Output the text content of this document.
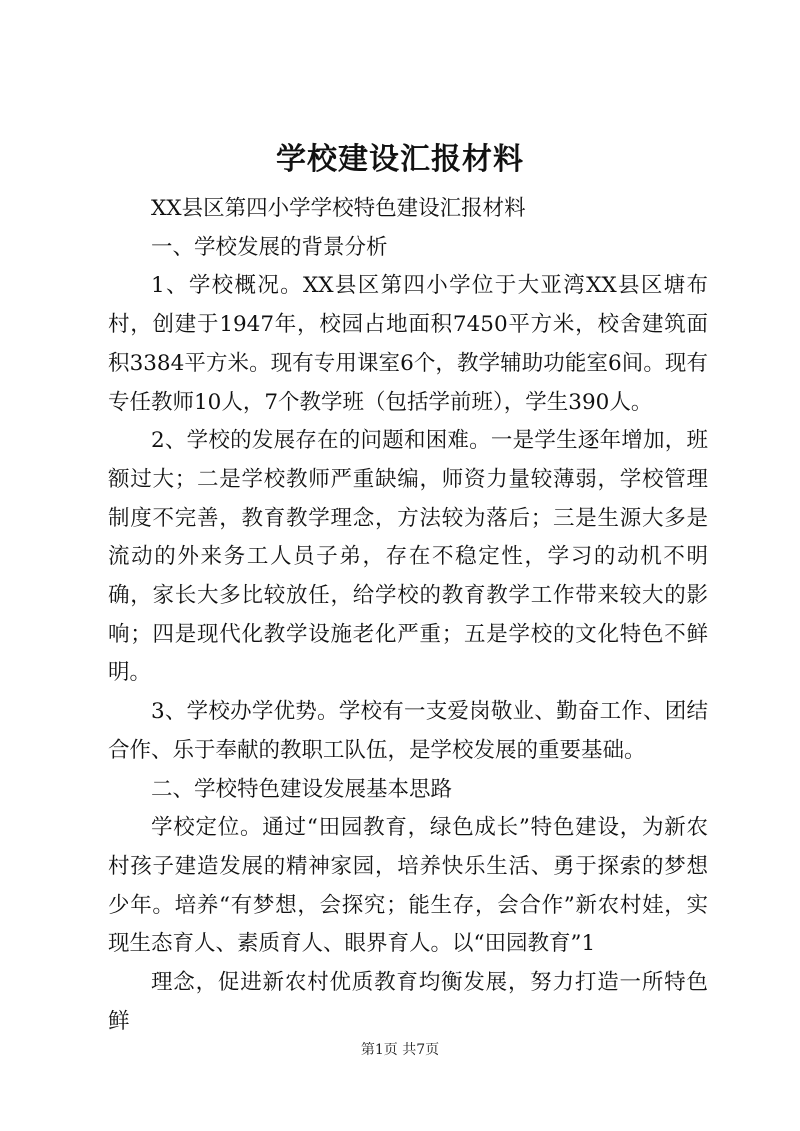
学校建设汇报材料

XX县区第四小学学校特色建设汇报材料

一、学校发展的背景分析

1、学校概况。XX县区第四小学位于大亚湾XX县区塘布村，创建于1947年，校园占地面积7450平方米，校舍建筑面积3384平方米。现有专用课室6个，教学辅助功能室6间。现有专任教师10人，7个教学班（包括学前班），学生390人。

2、学校的发展存在的问题和困难。一是学生逐年增加，班额过大；二是学校教师严重缺编，师资力量较薄弱，学校管理制度不完善，教育教学理念，方法较为落后；三是生源大多是流动的外来务工人员子弟，存在不稳定性，学习的动机不明确，家长大多比较放任，给学校的教育教学工作带来较大的影响；四是现代化教学设施老化严重；五是学校的文化特色不鲜明。

3、学校办学优势。学校有一支爱岗敬业、勤奋工作、团结合作、乐于奉献的教职工队伍，是学校发展的重要基础。

二、学校特色建设发展基本思路

学校定位。通过“田园教育，绿色成长”特色建设，为新农村孩子建造发展的精神家园，培养快乐生活、勇于探索的梦想少年。培养“有梦想，会探究；能生存，会合作”新农村娃，实现生态育人、素质育人、眼界育人。以“田园教育”1

理念，促进新农村优质教育均衡发展，努力打造一所特色鲜

第1页 共7页
